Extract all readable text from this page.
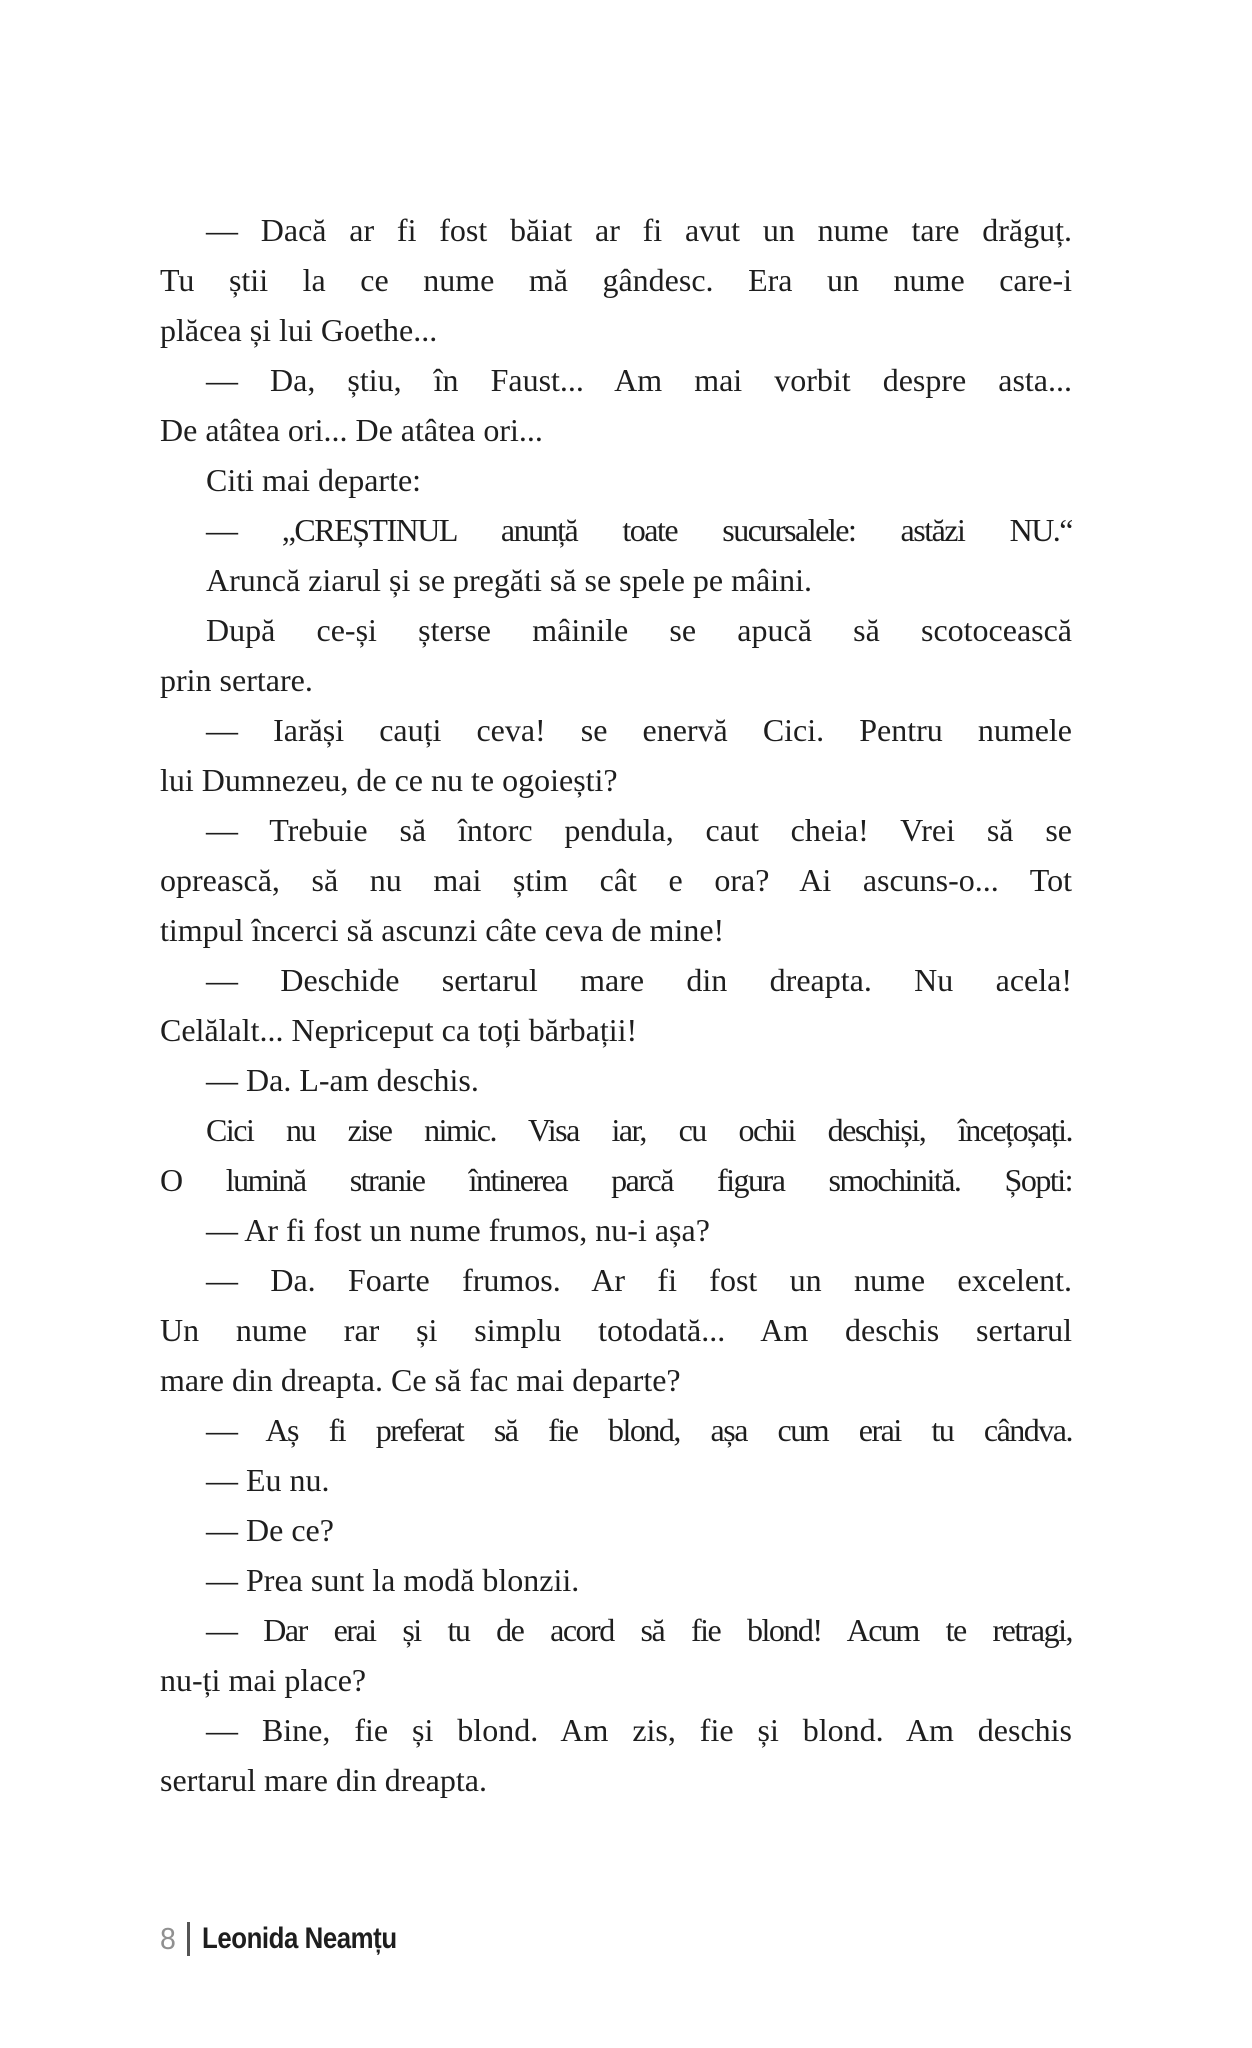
— Dacă ar fi fost băiat ar fi avut un nume tare drăguț.
Tu știi la ce nume mă gândesc. Era un nume care-i
plăcea și lui Goethe...
— Da, știu, în Faust... Am mai vorbit despre asta...
De atâtea ori... De atâtea ori...
Citi mai departe:
— „CREȘTINUL anunță toate sucursalele: astăzi NU.“
Aruncă ziarul și se pregăti să se spele pe mâini.
După ce-și șterse mâinile se apucă să scotocească
prin sertare.
— Iarăși cauți ceva! se enervă Cici. Pentru numele
lui Dumnezeu, de ce nu te ogoiești?
— Trebuie să întorc pendula, caut cheia! Vrei să se
oprească, să nu mai știm cât e ora? Ai ascuns-o... Tot
timpul încerci să ascunzi câte ceva de mine!
— Deschide sertarul mare din dreapta. Nu acela!
Celălalt... Nepriceput ca toți bărbații!
— Da. L-am deschis.
Cici nu zise nimic. Visa iar, cu ochii deschiși, încețoșați.
O lumină stranie întinerea parcă figura smochinită. Șopti:
— Ar fi fost un nume frumos, nu-i așa?
— Da. Foarte frumos. Ar fi fost un nume excelent.
Un nume rar și simplu totodată... Am deschis sertarul
mare din dreapta. Ce să fac mai departe?
— Aș fi preferat să fie blond, așa cum erai tu cândva.
— Eu nu.
— De ce?
— Prea sunt la modă blonzii.
— Dar erai și tu de acord să fie blond! Acum te retragi,
nu-ți mai place?
— Bine, fie și blond. Am zis, fie și blond. Am deschis
sertarul mare din dreapta.
8 Leonida Neamțu
